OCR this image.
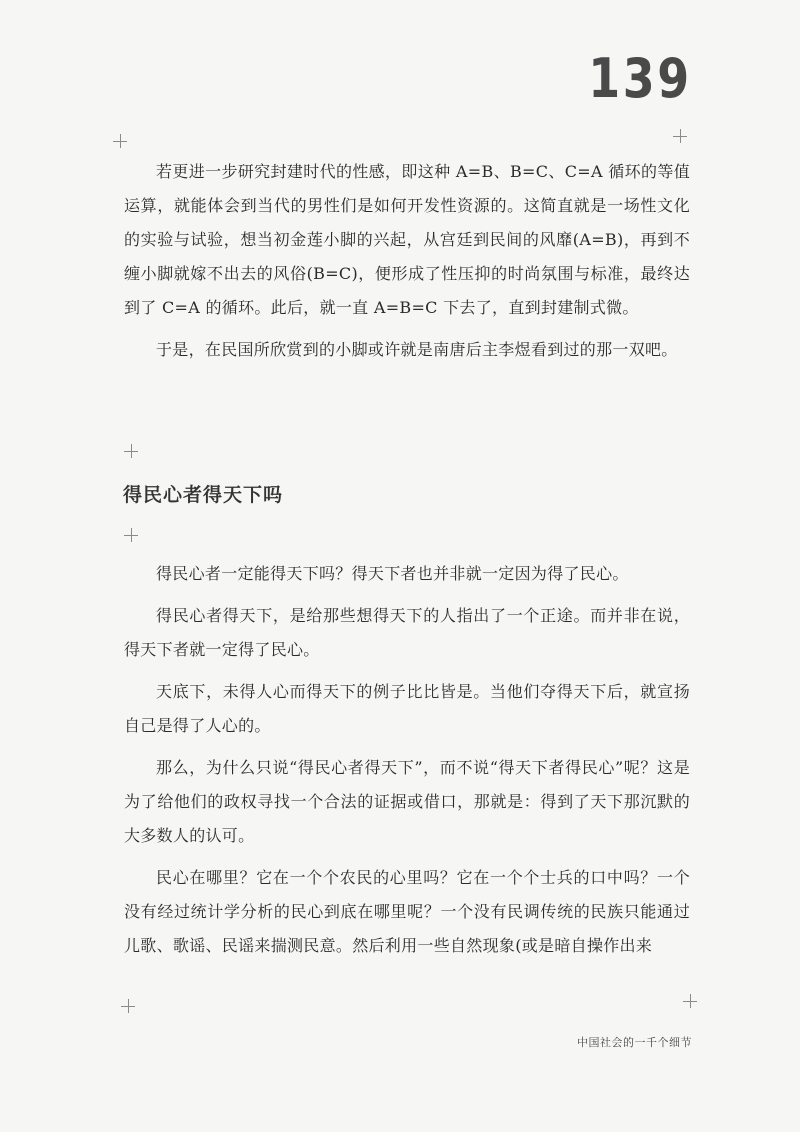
139

若更进一步研究封建时代的性感，即这种 A=B、B=C、C=A 循环的等值运算，就能体会到当代的男性们是如何开发性资源的。这简直就是一场性文化的实验与试验，想当初金莲小脚的兴起，从宫廷到民间的风靡(A=B)，再到不缠小脚就嫁不出去的风俗(B=C)，便形成了性压抑的时尚氛围与标准，最终达到了 C=A 的循环。此后，就一直 A=B=C 下去了，直到封建制式微。

于是，在民国所欣赏到的小脚或许就是南唐后主李煜看到过的那一双吧。

得民心者得天下吗

得民心者一定能得天下吗？得天下者也并非就一定因为得了民心。

得民心者得天下，是给那些想得天下的人指出了一个正途。而并非在说，得天下者就一定得了民心。

天底下，未得人心而得天下的例子比比皆是。当他们夺得天下后，就宣扬自己是得了人心的。

那么，为什么只说“得民心者得天下”，而不说“得天下者得民心”呢？这是为了给他们的政权寻找一个合法的证据或借口，那就是：得到了天下那沉默的大多数人的认可。

民心在哪里？它在一个个农民的心里吗？它在一个个士兵的口中吗？一个没有经过统计学分析的民心到底在哪里呢？一个没有民调传统的民族只能通过儿歌、歌谣、民谣来揣测民意。然后利用一些自然现象(或是暗自操作出来

中国社会的一千个细节
